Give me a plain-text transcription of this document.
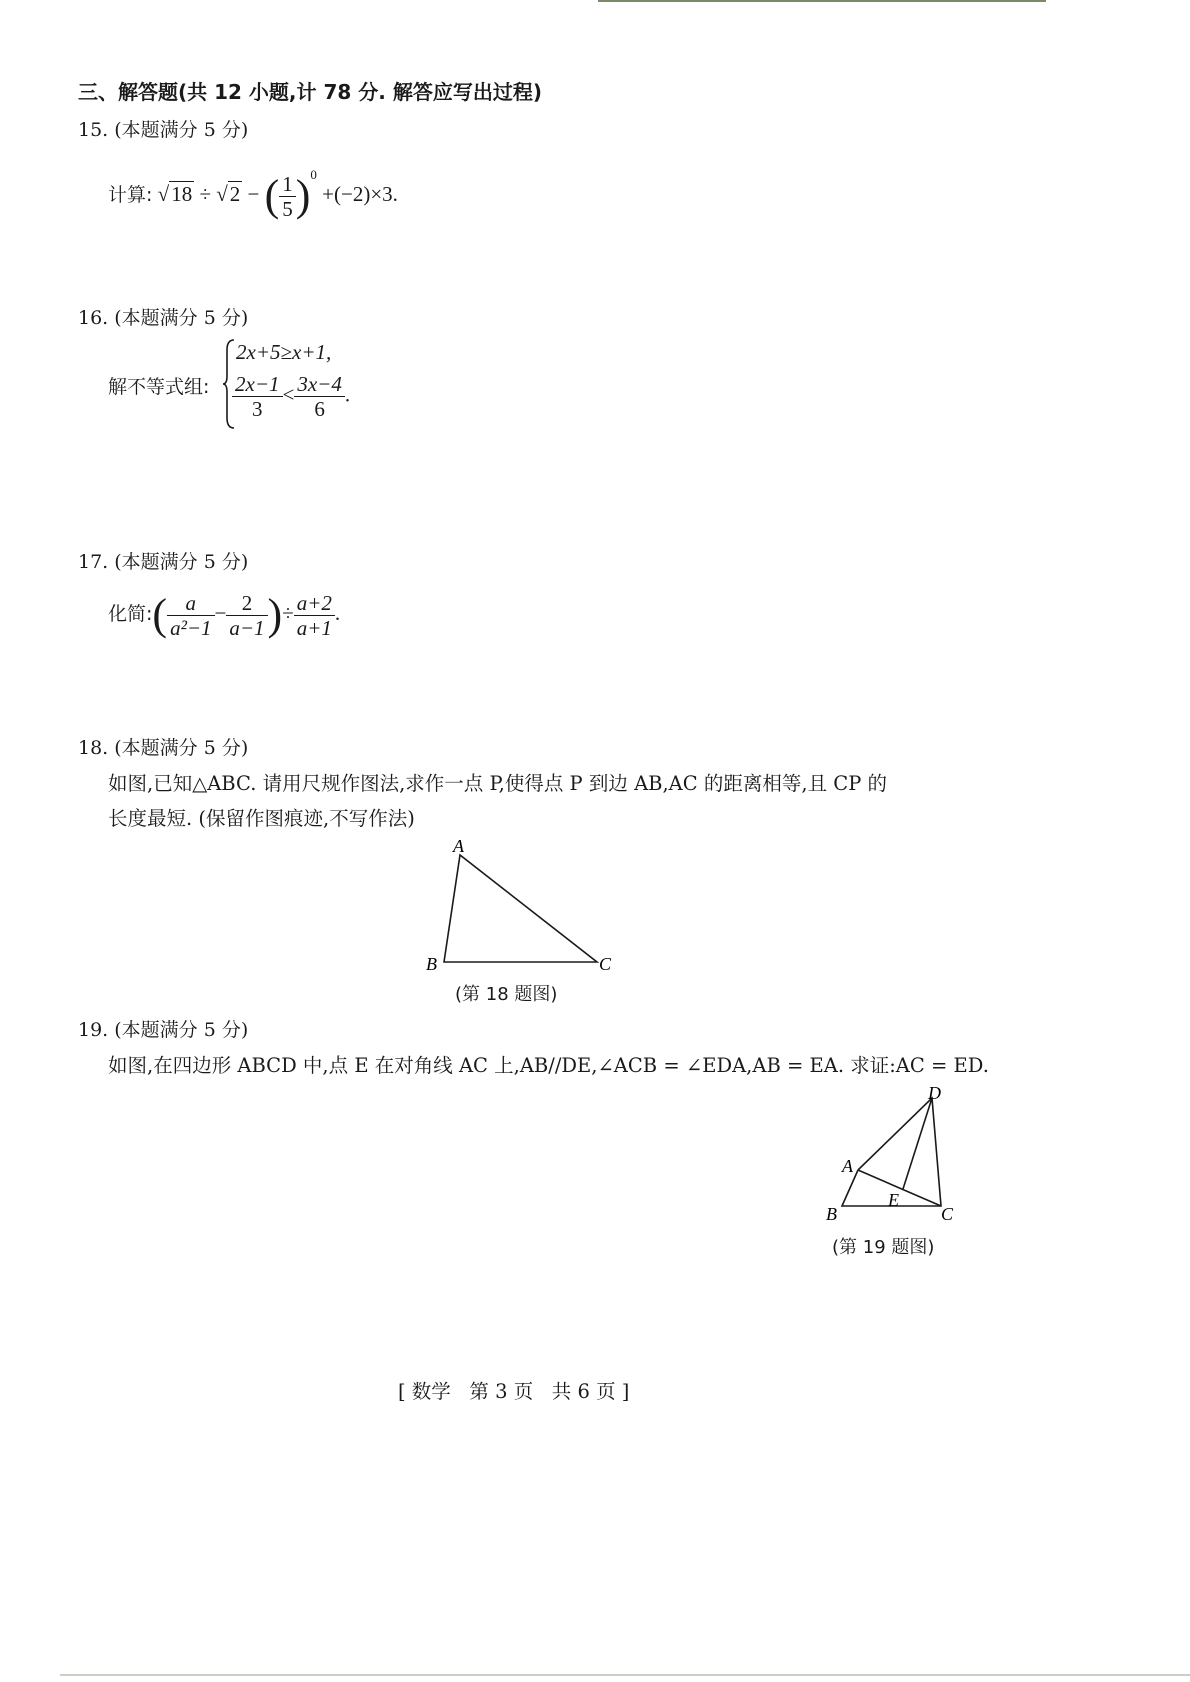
三、解答题(共 12 小题,计 78 分. 解答应写出过程)
15. (本题满分 5 分)
计算: √18 ÷ √2 − ( $\frac{1}{5} )^0 +(-2)\times 3$.
16. (本题满分 5 分)
解不等式组:
2x+5≥x+1,
$\frac{2x-1}{3} < \frac{3x-4}{6}$ .
17. (本题满分 5 分)
化简:( $\frac{a}{\text{a²−1}} - \frac{2}{a-1}$ )÷ $\frac{a+2}{a+1}$ .
18. (本题满分 5 分)
如图,已知△ABC. 请用尺规作图法,求作一点 P,使得点 P 到边 AB,AC 的距离相等,且 CP 的
长度最短. (保留作图痕迹,不写作法)
A
B	C
(第 18 题图)
19. (本题满分 5 分)
如图,在四边形 ABCD 中,点 E 在对角线 AC 上,AB//DE,∠ACB = ∠EDA,AB = EA. 求证:AC = ED.
D
A
E
B	C
(第 19 题图)
[ 数学   第 3 页   共 6 页 ]
